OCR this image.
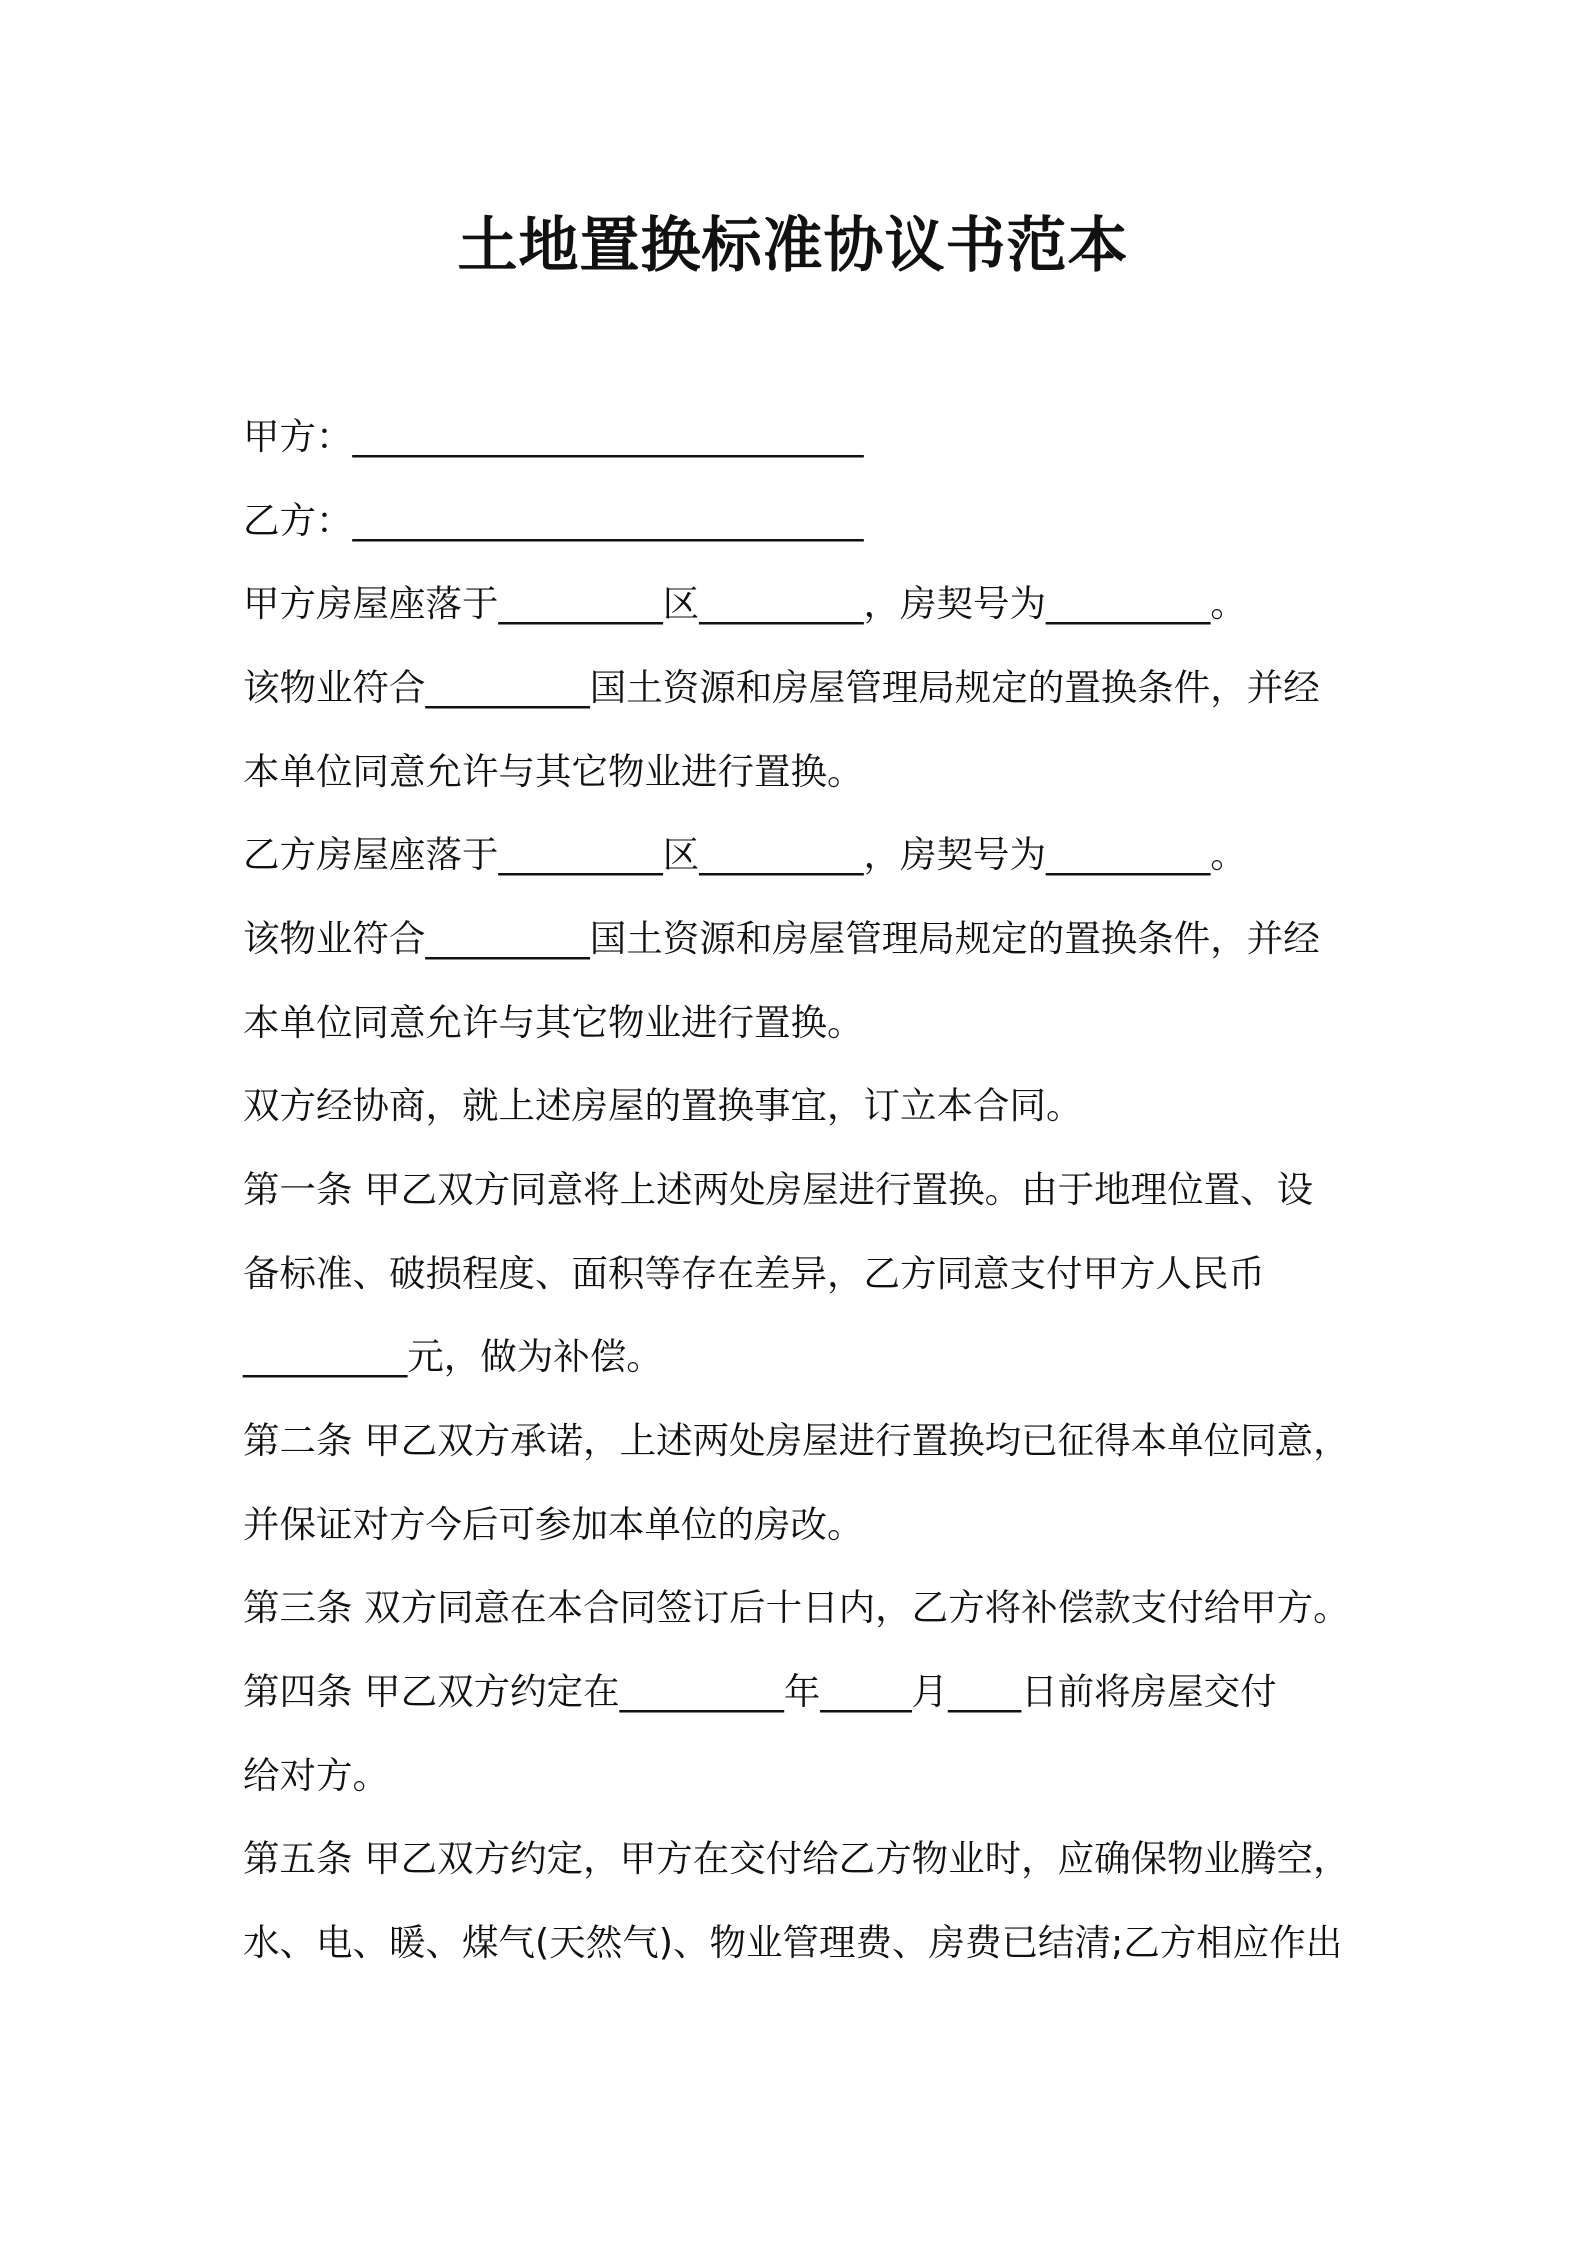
土地置换标准协议书范本
甲方：____________________________
乙方：____________________________
甲方房屋座落于_________区_________，房契号为_________。
该物业符合_________国土资源和房屋管理局规定的置换条件，并经
本单位同意允许与其它物业进行置换。
乙方房屋座落于_________区_________，房契号为_________。
该物业符合_________国土资源和房屋管理局规定的置换条件，并经
本单位同意允许与其它物业进行置换。
双方经协商，就上述房屋的置换事宜，订立本合同。
第一条 甲乙双方同意将上述两处房屋进行置换。由于地理位置、设
备标准、破损程度、面积等存在差异，乙方同意支付甲方人民币
_________元，做为补偿。
第二条 甲乙双方承诺，上述两处房屋进行置换均已征得本单位同意，
并保证对方今后可参加本单位的房改。
第三条 双方同意在本合同签订后十日内，乙方将补偿款支付给甲方。
第四条 甲乙双方约定在_________年_____月____日前将房屋交付
给对方。
第五条 甲乙双方约定，甲方在交付给乙方物业时，应确保物业腾空，
水、电、暖、煤气(天然气)、物业管理费、房费已结清;乙方相应作出
